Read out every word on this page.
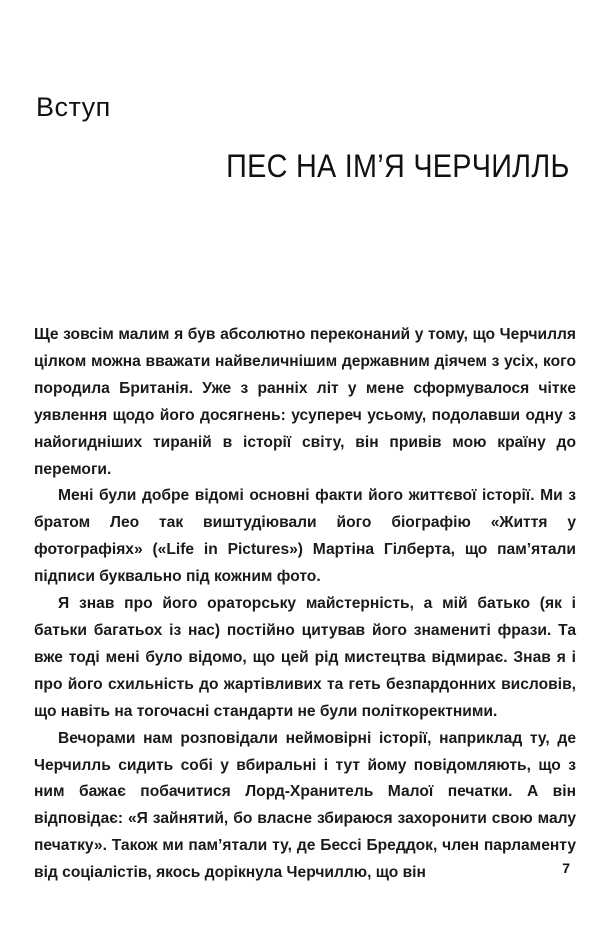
Вступ
ПЕС НА ІМ’Я ЧЕРЧИЛЛЬ

Ще зовсім малим я був абсолютно переконаний у тому, що Черчилля цілком можна вважати найвеличнішим державним діячем з усіх, кого породила Британія. Уже з ранніх літ у мене сформувалося чітке уявлення щодо його досягнень: усупереч усьому, подолавши одну з найогидніших тираній в історії світу, він привів мою країну до перемоги.

Мені були добре відомі основні факти його життєвої історії. Ми з братом Лео так виштудіювали його біографію «Життя у фотографіях» («Life in Pictures») Мартіна Гілберта, що пам’ятали підписи буквально під кожним фото.

Я знав про його ораторську майстерність, а мій батько (як і батьки багатьох із нас) постійно цитував його знамениті фрази. Та вже тоді мені було відомо, що цей рід мистецтва відмирає. Знав я і про його схильність до жартівливих та геть безпардонних висловів, що навіть на тогочасні стандарти не були політкоректними.

Вечорами нам розповідали неймовірні історії, наприклад ту, де Черчилль сидить собі у вбиральні і тут йому повідомляють, що з ним бажає побачитися Лорд-Хранитель Малої печатки. А він відповідає: «Я зайнятий, бо власне збираюся захоронити свою малу печатку». Також ми пам’ятали ту, де Бессі Бреддок, член парламенту від соціалістів, якось дорікнула Черчиллю, що він	7
